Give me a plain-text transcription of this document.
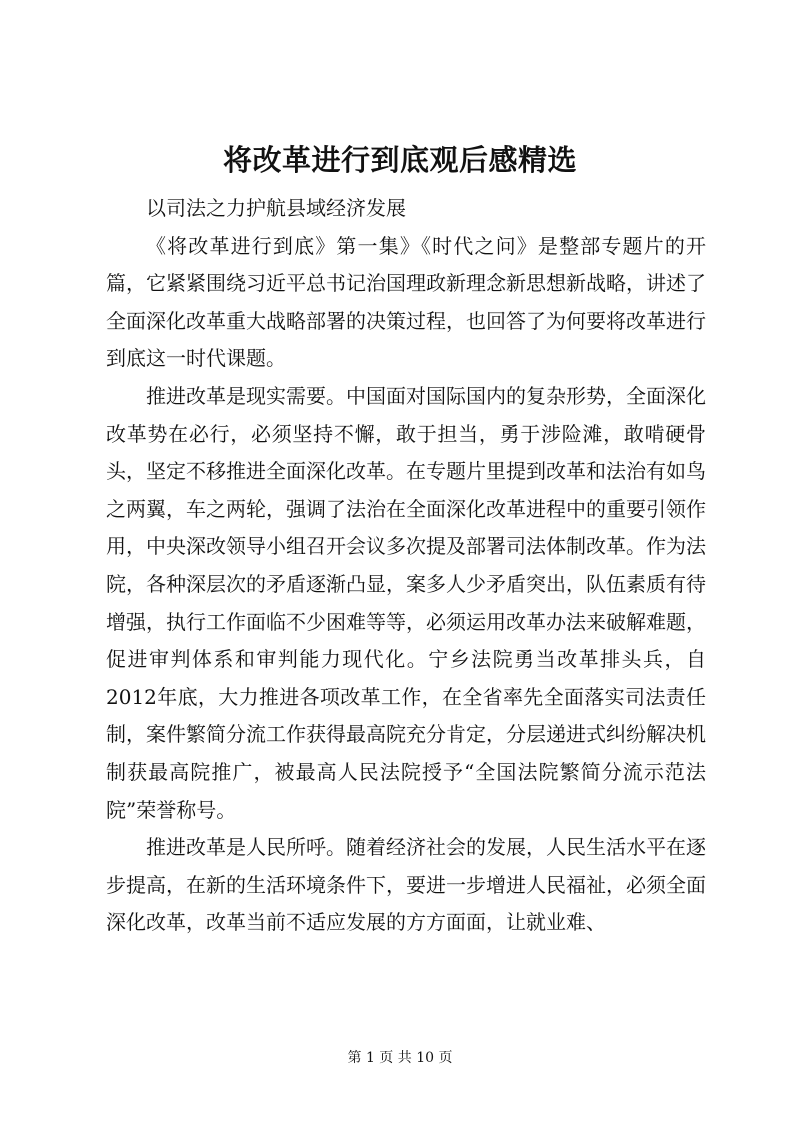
将改革进行到底观后感精选

以司法之力护航县域经济发展

《将改革进行到底》第一集》《时代之问》是整部专题片的开篇，它紧紧围绕习近平总书记治国理政新理念新思想新战略，讲述了全面深化改革重大战略部署的决策过程，也回答了为何要将改革进行到底这一时代课题。

推进改革是现实需要。中国面对国际国内的复杂形势，全面深化改革势在必行，必须坚持不懈，敢于担当，勇于涉险滩，敢啃硬骨头，坚定不移推进全面深化改革。在专题片里提到改革和法治有如鸟之两翼，车之两轮，强调了法治在全面深化改革进程中的重要引领作用，中央深改领导小组召开会议多次提及部署司法体制改革。作为法院，各种深层次的矛盾逐渐凸显，案多人少矛盾突出，队伍素质有待增强，执行工作面临不少困难等等，必须运用改革办法来破解难题，促进审判体系和审判能力现代化。宁乡法院勇当改革排头兵，自2012年底，大力推进各项改革工作，在全省率先全面落实司法责任制，案件繁简分流工作获得最高院充分肯定，分层递进式纠纷解决机制获最高院推广，被最高人民法院授予“全国法院繁简分流示范法院”荣誉称号。

推进改革是人民所呼。随着经济社会的发展，人民生活水平在逐步提高，在新的生活环境条件下，要进一步增进人民福祉，必须全面深化改革，改革当前不适应发展的方方面面，让就业难、

第 1 页 共 10 页
